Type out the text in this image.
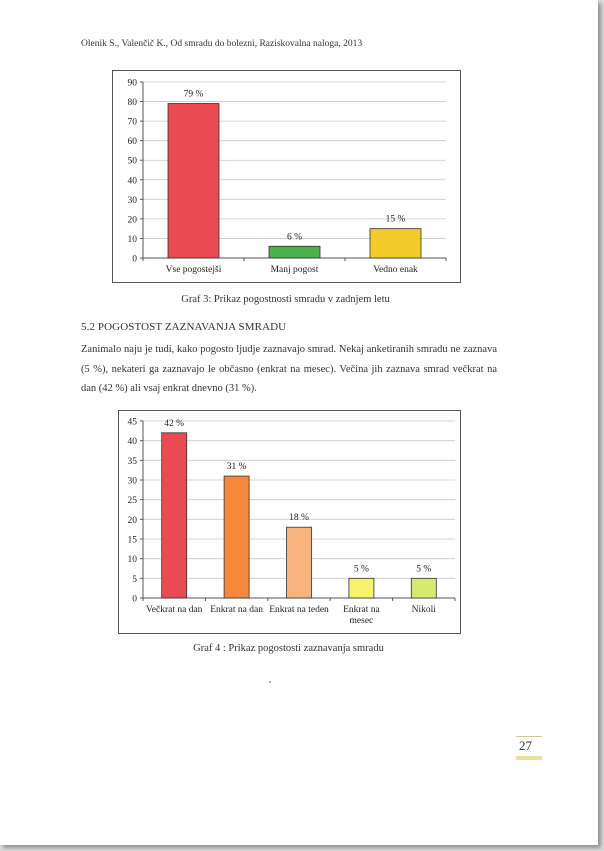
Olenik S., Valenčič K., Od smradu do bolezni, Raziskovalna naloga, 2013
0
10
20
30
40
50
60
70
80
90
79 %
Vse pogostejši
6 %
Manj pogost
15 %
Vedno enak
Graf 3: Prikaz pogostnosti smradu v zadnjem letu
5.2 POGOSTOST ZAZNAVANJA SMRADU

Zanimalo naju je tudi, kako pogosto ljudje zaznavajo smrad. Nekaj anketiranih smradu ne zaznava (5 %), nekateri ga zaznavajo le občasno (enkrat na mesec). Večina jih zaznava smrad večkrat na dan (42 %) ali vsaj enkrat dnevno (31 %).

0
5
10
15
20
25
30
35
40
45	42 %
Večkrat na dan
31 %
Enkrat na dan
18 %
Enkrat na teden
5 %
Enkrat na
mesec
5 %
Nikoli
Graf 4 : Prikaz pogostosti zaznavanja smradu
27
